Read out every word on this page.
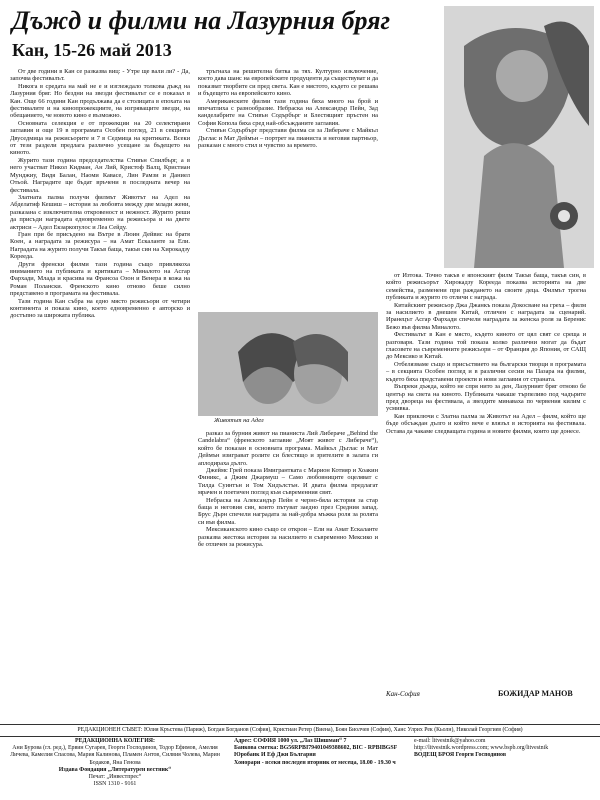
Дъжд и филми на Лазурния бряг
Кан, 15-26 май 2013

От две години в Кан се разказва виц: - Утре ще вали ли? - Да, започва фестивалът.

Никога в средата на май не е и изглеждало толкова дъжд на Лазурния бряг. Но бездни на звезди фестивалът се е показал в Кан. Още 66 години Кан продължава да е столицата в епохата на фестивалите и на кинопрожекциите, на изгряващите звезди, на обещанието, че новото кино е възможно.

Основната селекция е от прожекции на 20 селектирани заглавия и още 19 в програмата Особен поглед, 21 в секцията Двуседмица на режисьорите и 7 в Седмица на критиката. Всеки от тези раздели предлага различно усещане за бъдещето на киното.

Журито тази година председателства Стивън Спилбърг, а в него участват Никол Кидман, Ан Лий, Кристоф Валц, Кристиан Мунджиу, Видя Балан, Наоми Кавасе, Лин Рамзи и Даниел Отьой. Наградите ще бъдат връчени в последната вечер на фестивала.

Златната палма получи филмът Животът на Адел на Абделатиф Кешиш – история за любовта между две млади жени, разказана с изключителна откровеност и нежност. Журито реши да присъди наградата едновременно на режисьора и на двете актриси – Адел Екзаркопулос и Леа Сейду.

Гран при бе присъдено на Вътре в Люин Дейвис на братя Коен, а наградата за режисура – на Амат Ескаланте за Ели. Наградата на журито получи Такъв баща, такъв син на Хирокадзу Корееда.

Други френски филми тази година също привлякоха вниманието на публиката и критиката – Миналото на Асгар Фархади, Млада и красива на Франсоа Озон и Венера в кожа на Роман Полански. Френското кино отново беше силно представено в програмата на фестивала.

Тази година Кан събра на едно място режисьори от четири континента и показа кино, което едновременно е авторско и достъпно за широката публика.

тръгнаха на решителна битка за тях. Културно изключение, което дава шанс на европейските продуценти да съществуват и да показват творбите си пред света. Кан е мястото, където се решава и бъдещето на европейското кино.

Американските филми тази година бяха много на брой и впечатлиха с разнообразие. Небраска на Александър Пейн, Зад канделабрите на Стивън Содърбърг и Блестящият пръстен на София Копола бяха сред най-обсъжданите заглавия.

Стивън Содърбърг представи филма си за Либераче с Майкъл Дъглас и Мат Деймън – портрет на пианиста и неговия партньор, разказан с много стил и чувство за времето.

Животът на Адел

разказ за бурния живот на пианиста Лий Либераче „Behind the Candelabra“ (френското заглавие „Моят живот с Либераче“), който бе показан в основната програма. Майкъл Дъглас и Мат Деймън изиграват ролите си блестящо и зрителите в залата ги аплодираха дълго.

Джеймс Грей показа Имигрантката с Марион Котияр и Хоакин Финикс, а Джим Джармуш – Само любовниците оцеляват с Тилда Суинтън и Том Хидълстън. И двата филма предлагат мрачен и поетичен поглед към съвременния свят.

Небраска на Александър Пейн е черно-бяла история за стар баща и неговия син, които пътуват заедно през Средния запад. Брус Дърн спечели наградата за най-добра мъжка роля за ролята си във филма.

Мексиканското кино също се открои – Ели на Амат Ескаланте разказва жестока история за насилието в съвременно Мексико и бе отличен за режисура.

от Изтока. Точно такъв е японският филм Такъв баща, такъв син, в който режисьорът Хирокадзу Корееда показва историята на две семейства, разменени при раждането на своите деца. Филмът трогна публиката и журито го отличи с награда.

Китайският режисьор Джа Джанкъ показа Докосване на греха – филм за насилието в днешен Китай, отличен с наградата за сценарий. Иранецът Асгар Фархади спечели наградата за женска роля за Беренис Бежо във филма Миналото.

Фестивалът в Кан е място, където киното от цял свят се среща и разговаря. Тази година той показа колко различни могат да бъдат гласовете на съвременните режисьори – от Франция до Япония, от САЩ до Мексико и Китай.

Отбелязваме също и присъствието на български творци в програмата – в секцията Особен поглед и в различни сесии на Пазара на филми, където бяха представени проекти и нови заглавия от страната.

Въпреки дъжда, който не спря нито за ден, Лазурният бряг отново бе център на света на киното. Публиката чакаше търпеливо под чадърите пред двореца на фестивала, а звездите минаваха по червения килим с усмивка.

Кан приключи с Златна палма за Животът на Адел – филм, който ще бъде обсъждан дълго и който вече е влязъл в историята на фестивала. Остава да чакаме следващата година и новите филми, които ще донесе.

Кан-София	БОЖИДАР МАНОВ
РЕДАКЦИОНЕН СЪВЕТ: Юлия Кръстева (Париж), Богдан Богданов (София), Кристиан Ретер (Виена), Боян Биолчев (София), Ханс Улрих Рек (Кьолн), Николай Георгиев (София)
РЕДАКЦИОННА КОЛЕГИЯ:
Ани Бурова (гл. ред.), Ервин Сугарев, Георги Господинов, Тодор Ефимов, Амелия Личева, Камелия Спасова, Мария Калинова, Пламен Антов, Силвия Чолева, Марин Бодаков, Яна Генова
Издава Фондация „Литературен вестник“
Печат: „Инвестпрес“
ISSN 1310 - 9161
Адрес: СОФИЯ 1000 ул. „Лаз Шишман“ 7
Банкова сметка: BG56RPBI79401049388602, BIC - RPBIBGSF
Юробанк И Еф Джи България
Хонорари - всеки последен вторник от месеца, 18.00 - 19.30 ч
e-mail: litvestnik@yahoo.com
http://litvestnik.wordpress.com; www.bspb.org/litvestnik
ВОДЕЩ БРОЯ Георги Господинов
